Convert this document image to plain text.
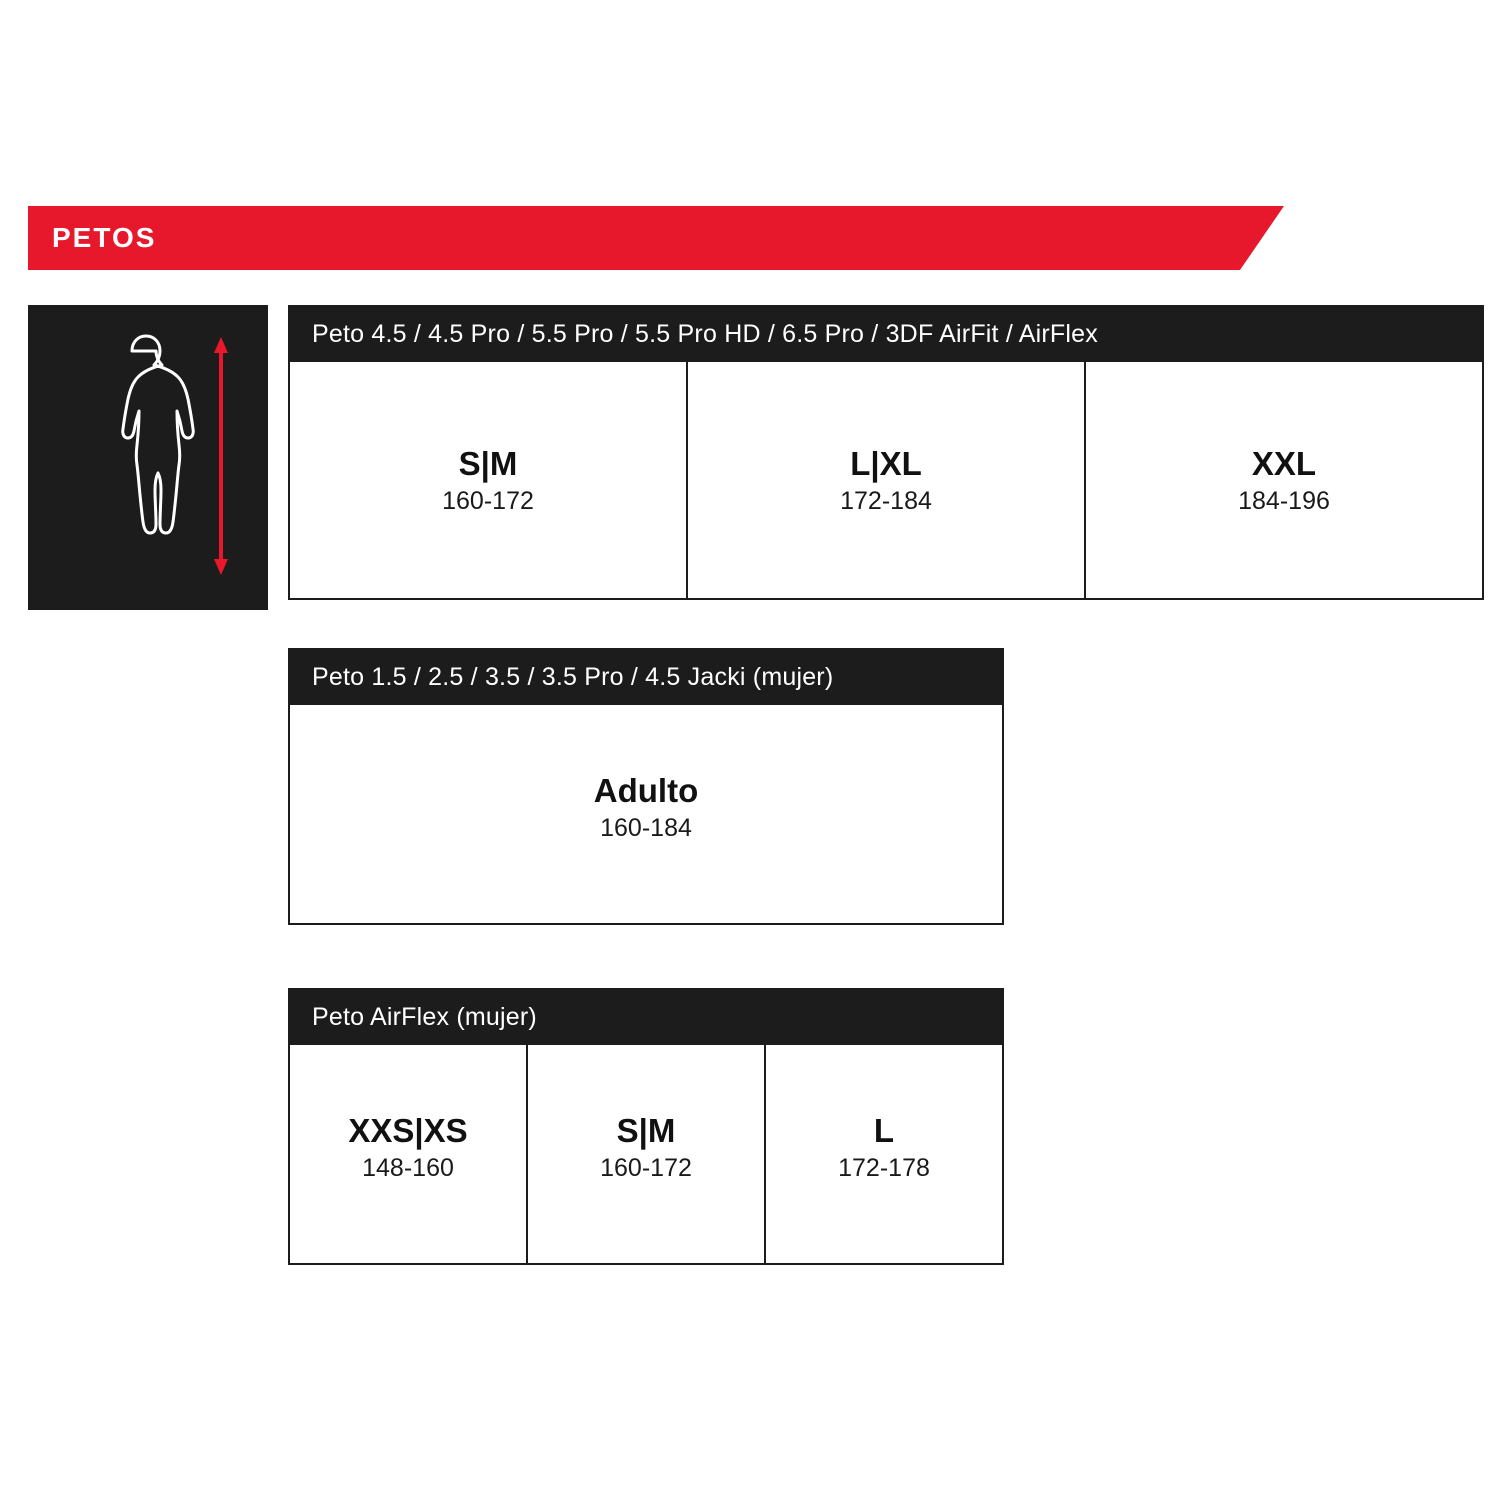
PETOS
Peto 4.5 / 4.5 Pro / 5.5 Pro / 5.5 Pro HD / 6.5 Pro / 3DF AirFit / AirFlex
S|M
160-172
L|XL
172-184
XXL
184-196
Peto 1.5 / 2.5 / 3.5 / 3.5 Pro / 4.5 Jacki (mujer)
Adulto
160-184
Peto AirFlex (mujer)
XXS|XS
148-160
S|M
160-172
L
172-178
